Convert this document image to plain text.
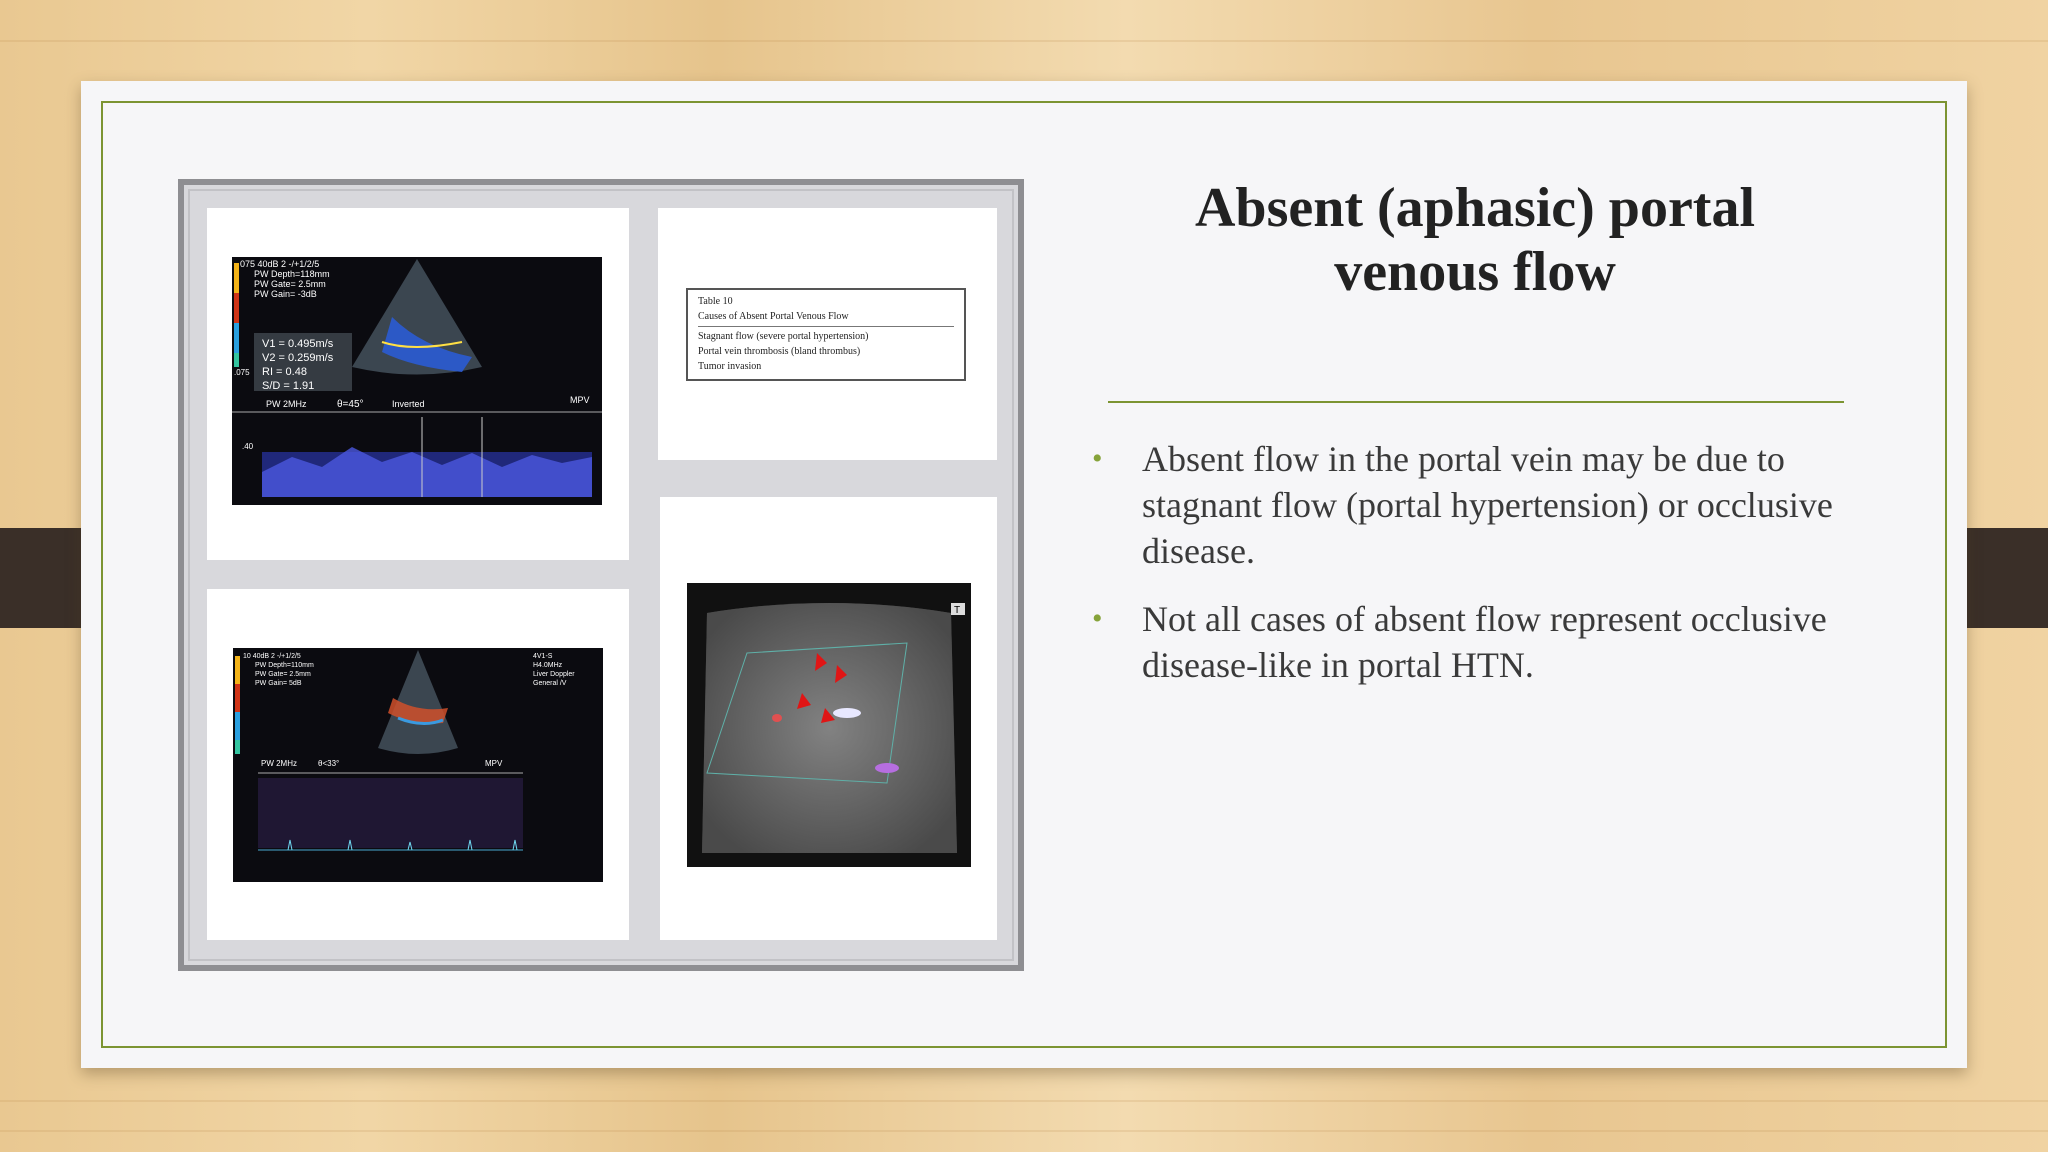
075 40dB 2 -/+1/2/5
PW Depth=118mm
PW Gate= 2.5mm
PW Gain= -3dB
V1 = 0.495m/s
V2 = 0.259m/s
RI = 0.48
S/D = 1.91
.075
PW 2MHz	θ=45°	Inverted	MPV
.40
10 40dB 2 -/+1/2/5
PW Depth=110mm
PW Gate= 2.5mm
PW Gain= 5dB
4V1-S
H4.0MHz
Liver Doppler
General /V
PW 2MHz	θ<33°	MPV
T
Table 10
Causes of Absent Portal Venous Flow
Stagnant flow (severe portal hypertension)
Portal vein thrombosis (bland thrombus)
Tumor invasion
Absent (aphasic) portal venous flow
• Absent flow in the portal vein may be due to stagnant flow (portal hypertension) or occlusive disease.
• Not all cases of absent flow represent occlusive disease-like in portal HTN.
